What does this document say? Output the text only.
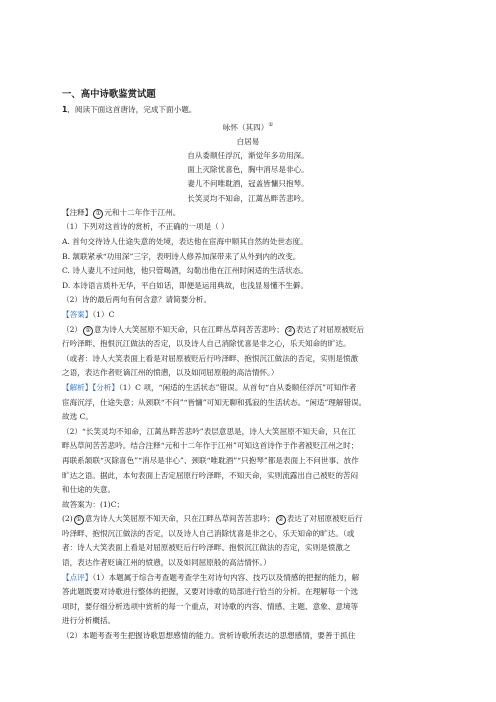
一、高中诗歌鉴赏试题
1．阅读下面这首唐诗，完成下面小题。
咏怀（其四）①
白居易
自从委顺任浮沉，渐觉年多功用深。
面上灭除忧喜色，胸中消尽是非心。
妻儿不问唯耽酒，冠盖皆慵只抱琴。
长笑灵均不知命，江蓠丛畔苦悲吟。
【注释】 ① 元和十二年作于江州。
（1）下列对这首诗的赏析，不正确的一项是（ ）
A. 首句交待诗人仕途失意的处境，表达他在宦海中顺其自然的处世态度。
B. 颔联紧承“功用深”三字，表明诗人修养加深带来了从外到内的改变。
C. 诗人妻儿不过问他，他只管喝酒，勾勒出他在江州时闲适的生活状态。
D. 本诗语言质朴无华，平白如话，即便是运用典故，也浅显易懂不生僻。
（2）诗的最后两句有何含意？请简要分析。
【答案】（1）C
（2） ① 意为诗人大笑屈原不知天命，只在江畔丛草间苦苦悲吟； ② 表达了对屈原被贬后
行吟泽畔、抱恨沉江做法的否定，以及诗人自己消除忧喜是非之心，乐天知命的旷达。
（或者：诗人大笑表面上看是对屈原被贬后行吟泽畔、抱恨沉江做法的否定，实则是愤激
之语，表达作者贬谪江州的愤懑，以及如同屈原般的高洁情怀。）
【解析】【分析】（1）C 项，“闲适的生活状态”错误。从首句“自从委顺任浮沉”可知作者
宦海沉浮，仕途失意；从颈联“不问”“皆慵”可知无聊和孤寂的生活状态。“闲适”理解错误。
故选 C。
（2）“长笑灵均不知命，江蓠丛畔苦悲吟”表层意思是，诗人大笑屈原不知天命，只在江
畔丛草间苦苦悲吟。结合注释“元和十二年作于江州”可知这首诗作于作者被贬江州之时；
再联系颔联“灭除喜色”“消尽是非心”、颈联“唯耽酒”“只抱琴”都是表面上不问世事、放作
旷达之语。据此，本句表面上否定屈原行吟泽畔，不知天命，实则流露出自己被贬的苦闷
和仕途的失意。
故答案为：(1)C；
(2) ① 意为诗人大笑屈原不知天命，只在江畔丛草间苦苦悲吟； ② 表达了对屈原被贬后行
吟泽畔、抱恨沉江做法的否定，以及诗人自己消除忧喜是非之心，乐天知命的旷达。（或
者：诗人大笑表面上看是对屈原被贬后行吟泽畔、抱恨沉江做法的否定，实则是愤激之
语，表达作者贬谪江州的愤懑，以及如同屈原般的高洁情怀。）
【点评】（1）本题属于综合考查题考查学生对诗句内容、技巧以及情感的把握的能力，解
答此题既要对诗歌进行整体的把握，又要对诗歌的局部进行恰当的分析。在理解每一个选
项时，要仔细分析选项中赏析的每一个重点，对诗歌的内容、情感、主题、意象、意境等
进行分析概括。
（2）本题考查考生把握诗歌思想感情的能力。赏析诗歌所表达的思想感情，要善于抓住
